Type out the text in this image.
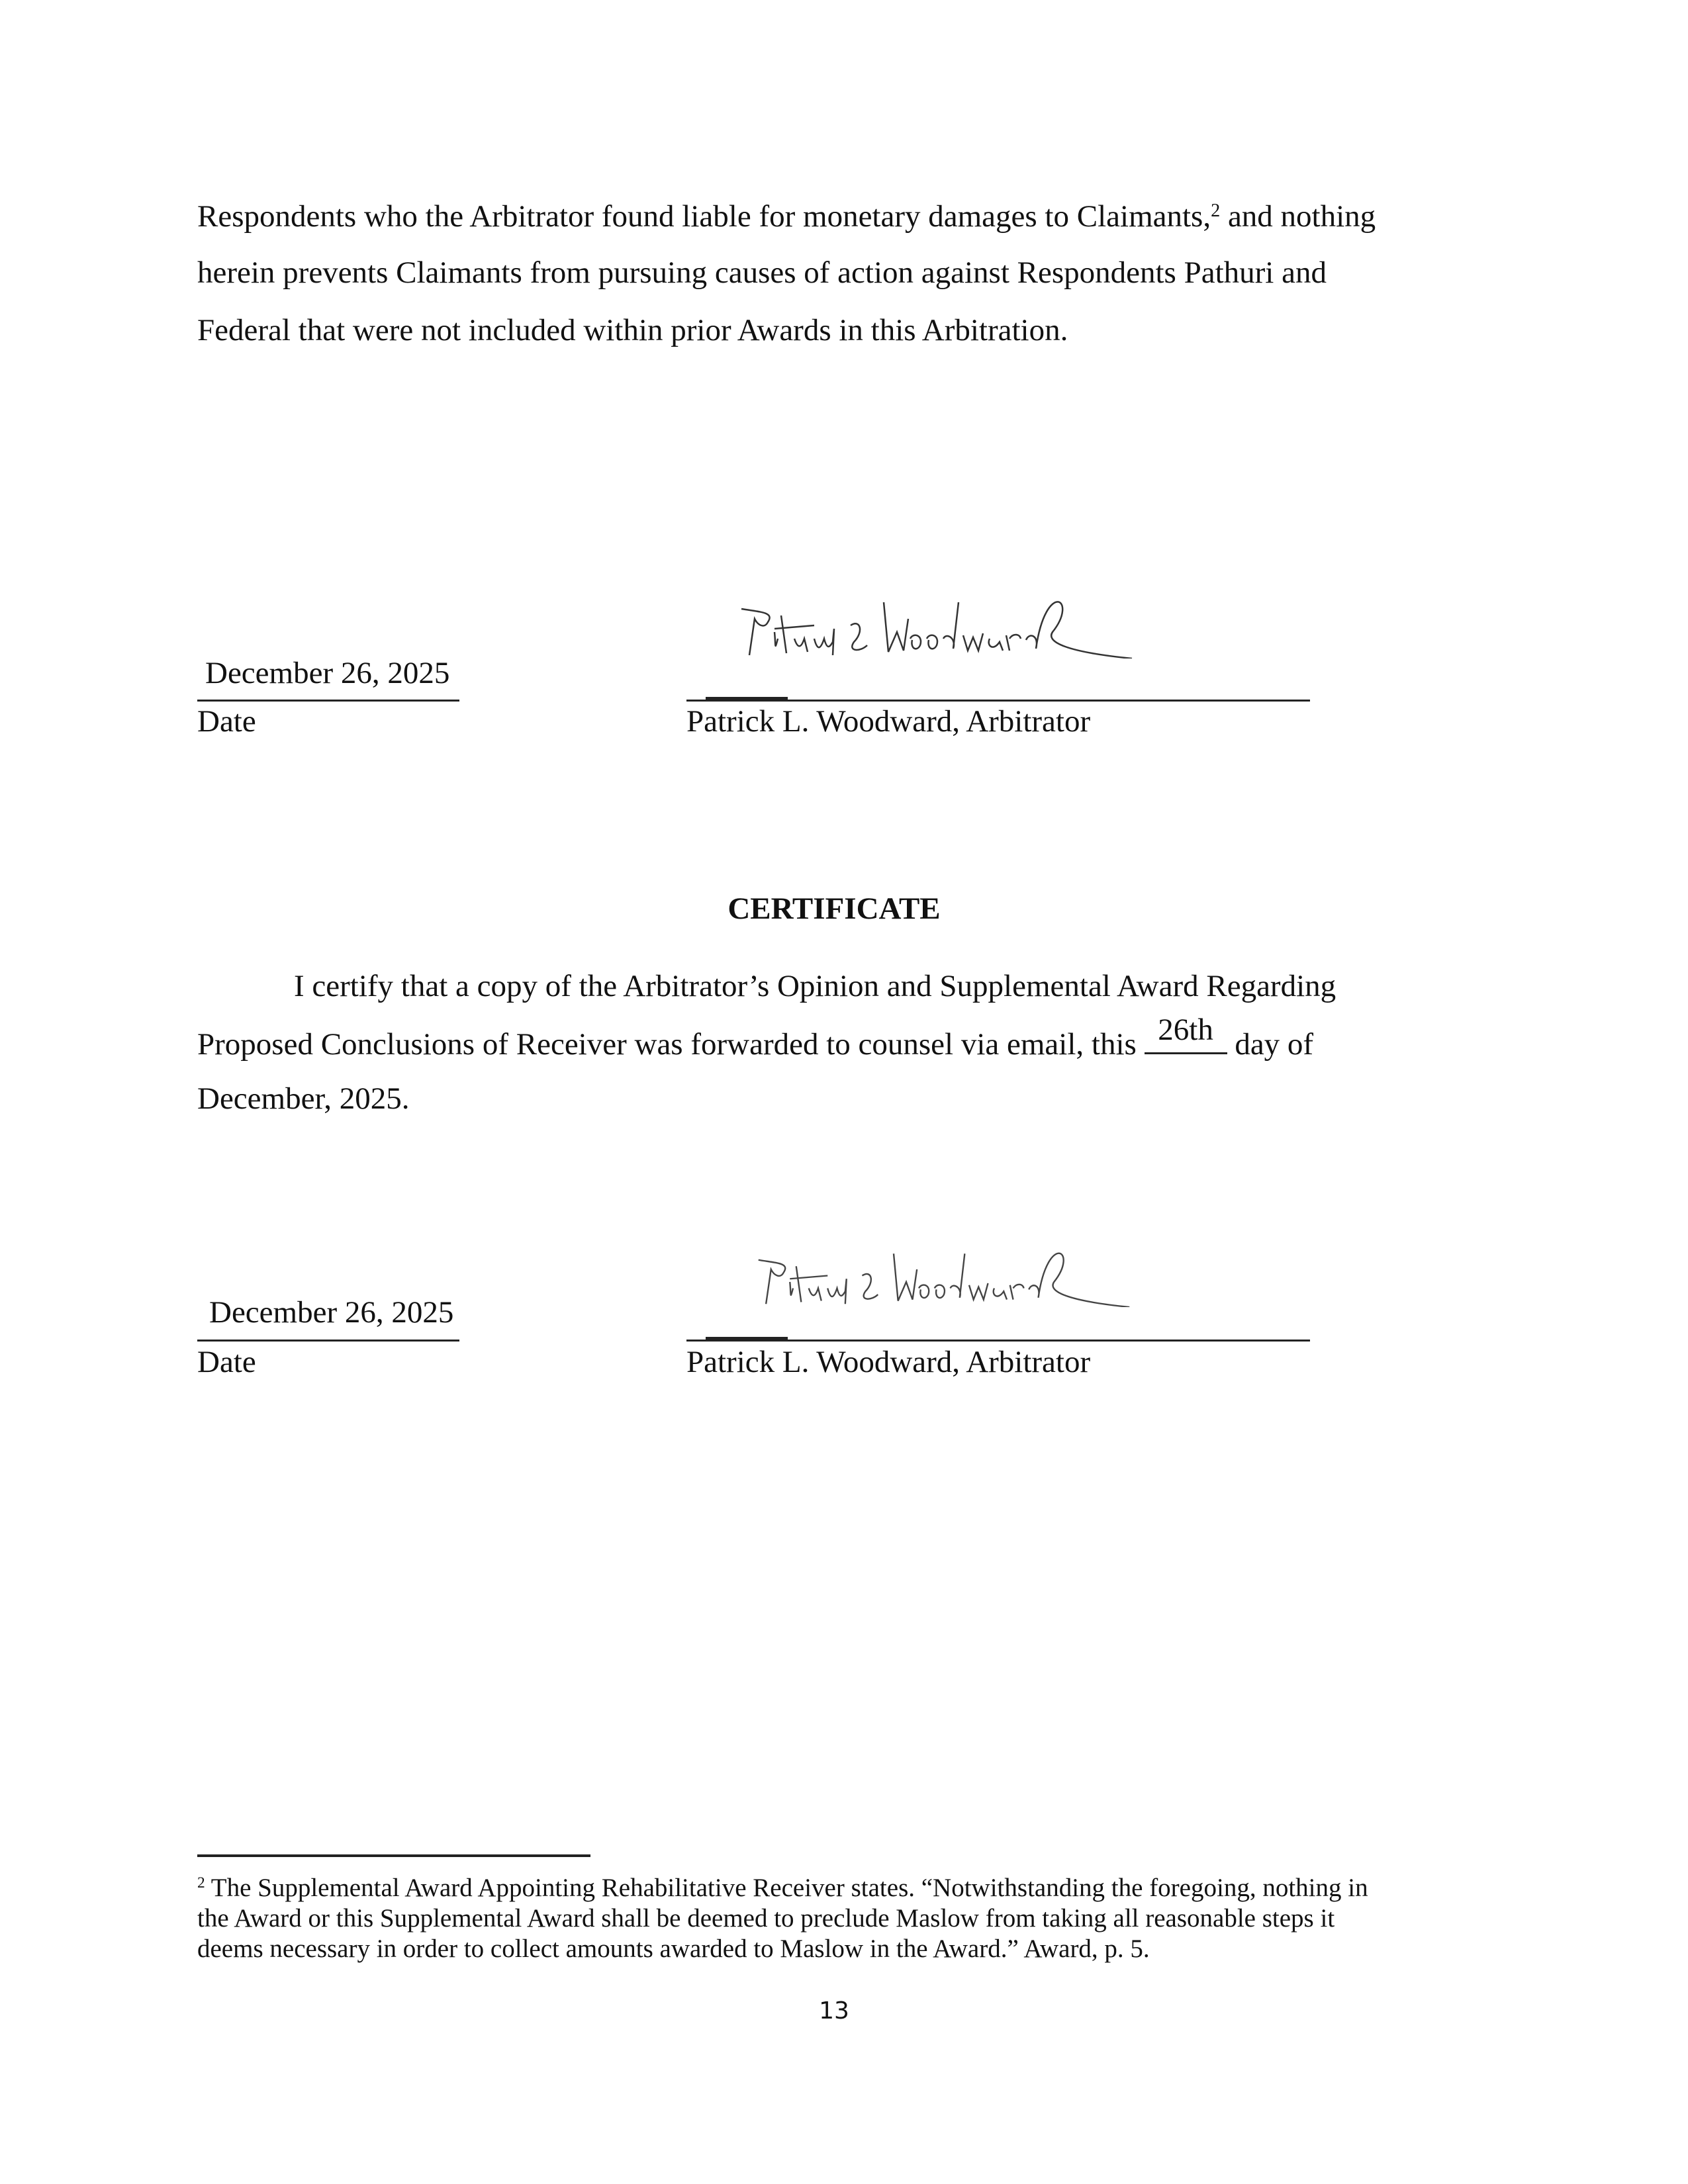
Respondents who the Arbitrator found liable for monetary damages to Claimants,$^2$ and nothing
herein prevents Claimants from pursuing causes of action against Respondents Pathuri and
Federal that were not included within prior Awards in this Arbitration.
December 26, 2025
Date	Patrick L. Woodward, Arbitrator
CERTIFICATE
I certify that a copy of the Arbitrator’s Opinion and Supplemental Award Regarding
Proposed Conclusions of Receiver was forwarded to counsel via email, this 26th day of
December, 2025.
December 26, 2025
Date	Patrick L. Woodward, Arbitrator
$^2$ The Supplemental Award Appointing Rehabilitative Receiver states. “Notwithstanding the foregoing, nothing in
the Award or this Supplemental Award shall be deemed to preclude Maslow from taking all reasonable steps it
deems necessary in order to collect amounts awarded to Maslow in the Award.” Award, p. 5.
13
